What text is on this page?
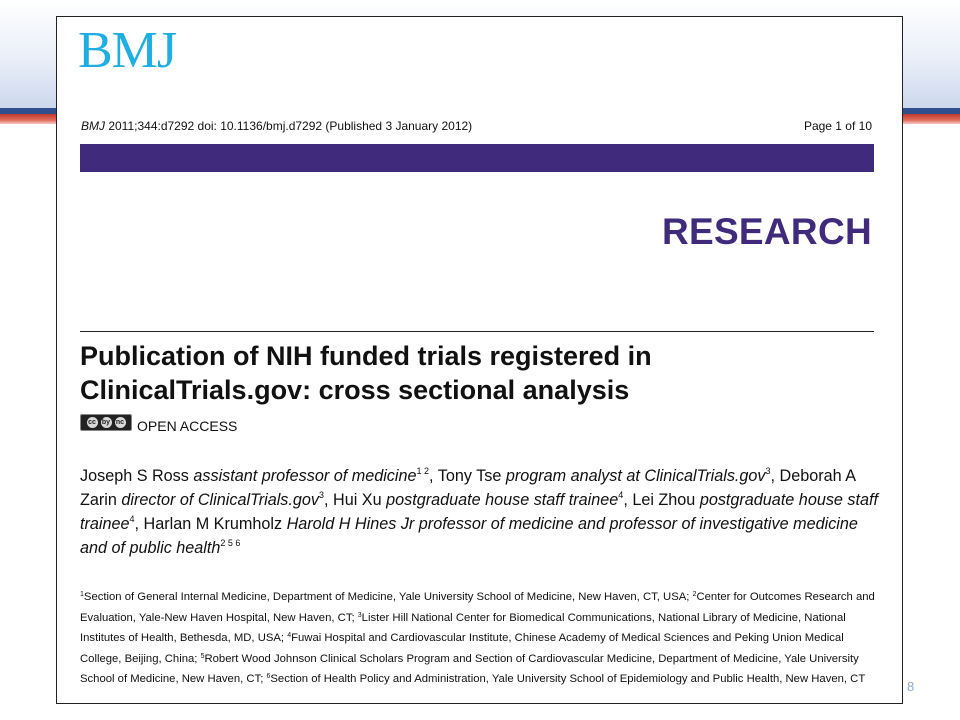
BMJ
BMJ 2011;344:d7292 doi: 10.1136/bmj.d7292 (Published 3 January 2012)	Page 1 of 10
RESEARCH
Publication of NIH funded trials registered in
ClinicalTrials.gov: cross sectional analysis
cc by nc OPEN ACCESS
Joseph S Ross assistant professor of medicine$^{1 2}$, Tony Tse program analyst at ClinicalTrials.gov$^3$, Deborah A Zarin director of ClinicalTrials.gov$^3$, Hui Xu postgraduate house staff trainee$^4$, Lei Zhou postgraduate house staff trainee$^4$, Harlan M Krumholz Harold H Hines Jr professor of medicine and professor of investigative medicine and of public health$^{2 5 6}$
$^1$Section of General Internal Medicine, Department of Medicine, Yale University School of Medicine, New Haven, CT, USA; $^2$Center for Outcomes Research and Evaluation, Yale-New Haven Hospital, New Haven, CT; $^3$Lister Hill National Center for Biomedical Communications, National Library of Medicine, National Institutes of Health, Bethesda, MD, USA; $^4$Fuwai Hospital and Cardiovascular Institute, Chinese Academy of Medical Sciences and Peking Union Medical College, Beijing, China; $^5$Robert Wood Johnson Clinical Scholars Program and Section of Cardiovascular Medicine, Department of Medicine, Yale University School of Medicine, New Haven, CT; $^6$Section of Health Policy and Administration, Yale University School of Epidemiology and Public Health, New Haven, CT	8
